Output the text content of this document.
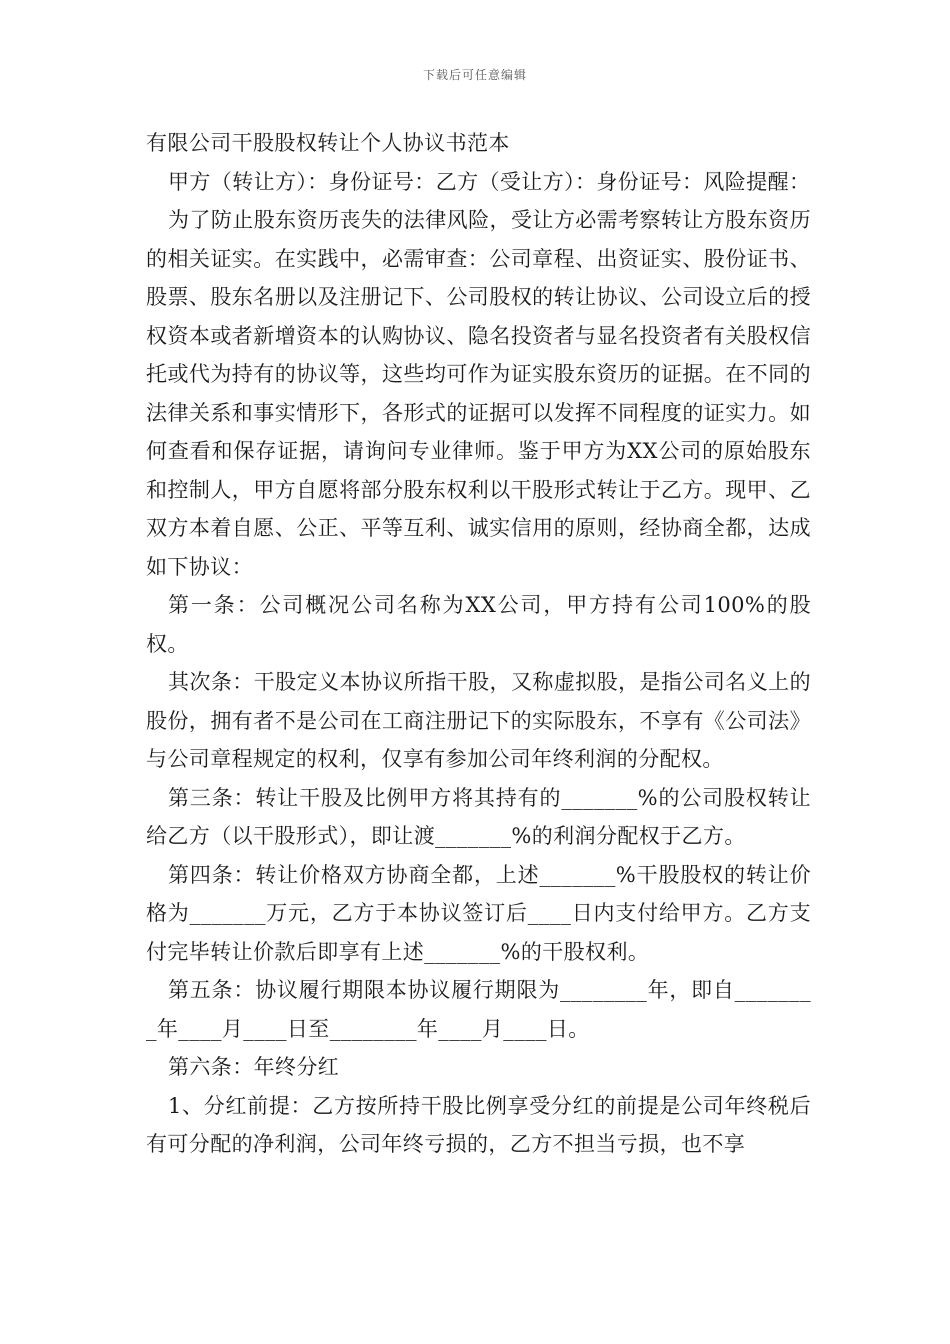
下载后可任意编辑

有限公司干股股权转让个人协议书范本

甲方（转让方）：身份证号：乙方（受让方）：身份证号：风险提醒：

为了防止股东资历丧失的法律风险，受让方必需考察转让方股东资历的相关证实。在实践中，必需审查：公司章程、出资证实、股份证书、股票、股东名册以及注册记下、公司股权的转让协议、公司设立后的授权资本或者新增资本的认购协议、隐名投资者与显名投资者有关股权信托或代为持有的协议等，这些均可作为证实股东资历的证据。在不同的法律关系和事实情形下，各形式的证据可以发挥不同程度的证实力。如何查看和保存证据，请询问专业律师。鉴于甲方为XX公司的原始股东和控制人，甲方自愿将部分股东权利以干股形式转让于乙方。现甲、乙双方本着自愿、公正、平等互利、诚实信用的原则，经协商全都，达成如下协议：

第一条：公司概况公司名称为XX公司，甲方持有公司100%的股权。

其次条：干股定义本协议所指干股，又称虚拟股，是指公司名义上的股份，拥有者不是公司在工商注册记下的实际股东，不享有《公司法》与公司章程规定的权利，仅享有参加公司年终利润的分配权。

第三条：转让干股及比例甲方将其持有的_______%的公司股权转让给乙方（以干股形式），即让渡_______%的利润分配权于乙方。

第四条：转让价格双方协商全都，上述_______%干股股权的转让价格为_______万元，乙方于本协议签订后____日内支付给甲方。乙方支付完毕转让价款后即享有上述_______%的干股权利。

第五条：协议履行期限本协议履行期限为________年，即自________年____月____日至________年____月____日。

第六条：年终分红

1、分红前提：乙方按所持干股比例享受分红的前提是公司年终税后有可分配的净利润，公司年终亏损的，乙方不担当亏损，也不享
